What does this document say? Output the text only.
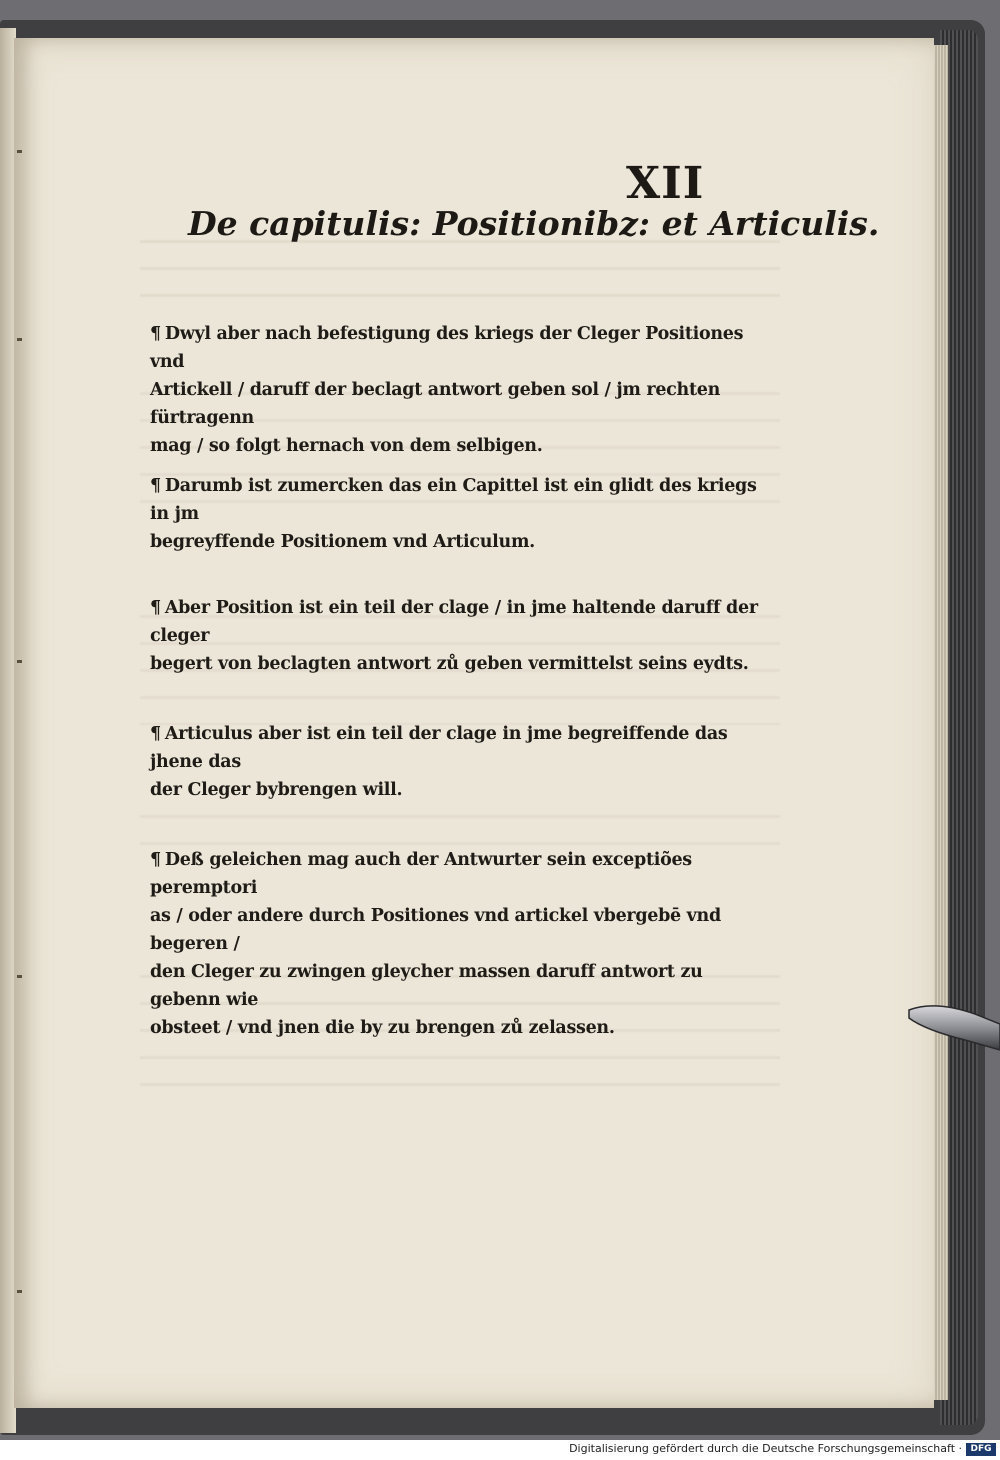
XII
De capitulis: Positionibz: et Articulis.

¶ Dwyl aber nach befestigung des kriegs der Cleger Positiones vnd

Artickell / daruff der beclagt antwort geben sol / jm rechten fürtragenn

mag / so folgt hernach von dem selbigen.

¶ Darumb ist zumercken das ein Capittel ist ein glidt des kriegs in jm

begreyffende Positionem vnd Articulum.

¶ Aber Position ist ein teil der clage / in jme haltende daruff der cleger

begert von beclagten antwort zů geben vermittelst seins eydts.

¶ Articulus aber ist ein teil der clage in jme begreiffende das jhene das

der Cleger bybrengen will.

¶ Deß geleichen mag auch der Antwurter sein exceptiões peremptori

as / oder andere durch Positiones vnd artickel vbergebē vnd begeren /

den Cleger zu zwingen gleycher massen daruff antwort zu gebenn wie

obsteet / vnd jnen die by zu brengen zů zelassen.

Digitalisierung gefördert durch die Deutsche Forschungsgemeinschaft · DFG
